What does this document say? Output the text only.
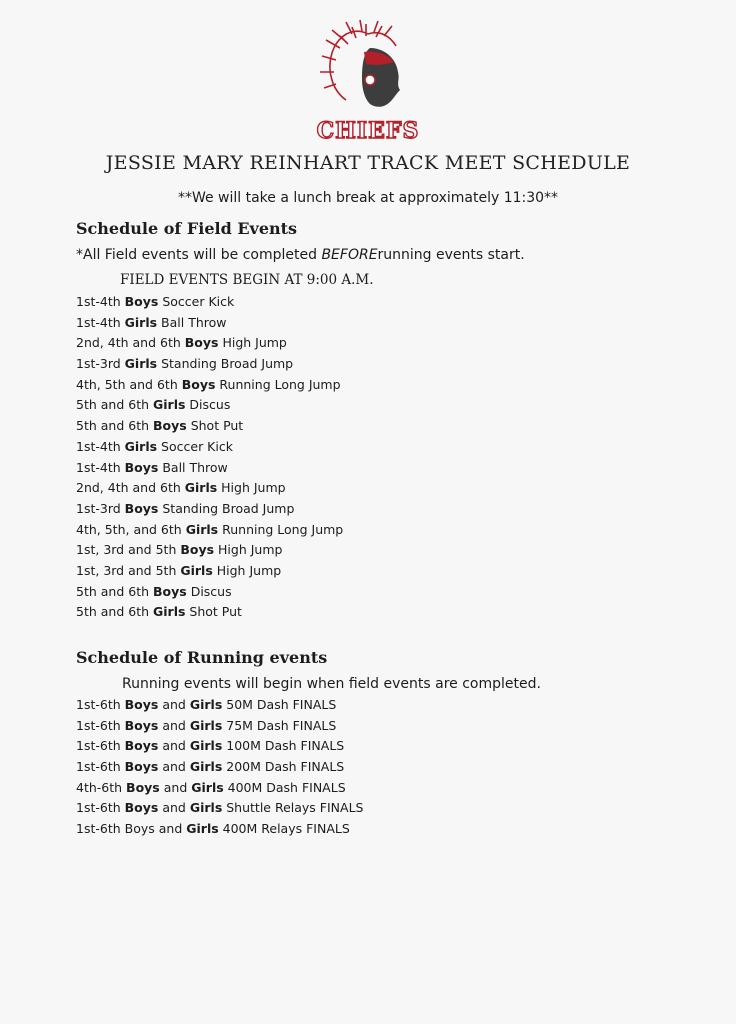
CHIEFS
JESSIE MARY REINHART TRACK MEET SCHEDULE
**We will take a lunch break at approximately 11:30**
Schedule of Field Events
*All Field events will be completed BEFORErunning events start.
FIELD EVENTS BEGIN AT 9:00 A.M.
1st-4th Boys Soccer Kick
1st-4th Girls Ball Throw
2nd, 4th and 6th Boys High Jump
1st-3rd Girls Standing Broad Jump
4th, 5th and 6th Boys Running Long Jump
5th and 6th Girls Discus
5th and 6th Boys Shot Put
1st-4th Girls Soccer Kick
1st-4th Boys Ball Throw
2nd, 4th and 6th Girls High Jump
1st-3rd Boys Standing Broad Jump
4th, 5th, and 6th Girls Running Long Jump
1st, 3rd and 5th Boys High Jump
1st, 3rd and 5th Girls High Jump
5th and 6th Boys Discus
5th and 6th Girls Shot Put
Schedule of Running events
Running events will begin when field events are completed.
1st-6th Boys and Girls 50M Dash FINALS
1st-6th Boys and Girls 75M Dash FINALS
1st-6th Boys and Girls 100M Dash FINALS
1st-6th Boys and Girls 200M Dash FINALS
4th-6th Boys and Girls 400M Dash FINALS
1st-6th Boys and Girls Shuttle Relays FINALS
1st-6th Boys and Girls 400M Relays FINALS
